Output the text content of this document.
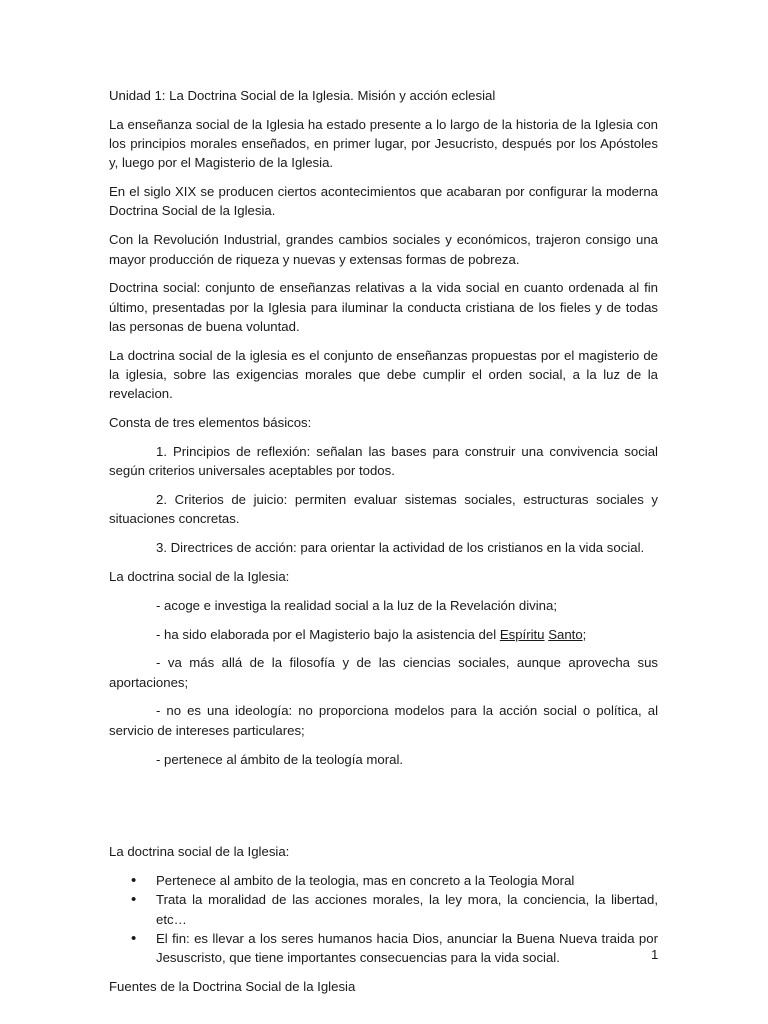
Unidad 1: La Doctrina Social de la Iglesia. Misión y acción eclesial

La enseñanza social de la Iglesia ha estado presente a lo largo de la historia de la Iglesia con los principios morales enseñados, en primer lugar, por Jesucristo, después por los Apóstoles y, luego por el Magisterio de la Iglesia.

En el siglo XIX se producen ciertos acontecimientos que acabaran por configurar la moderna Doctrina Social de la Iglesia.

Con la Revolución Industrial, grandes cambios sociales y económicos, trajeron consigo una mayor producción de riqueza y nuevas y extensas formas de pobreza.

Doctrina social: conjunto de enseñanzas relativas a la vida social en cuanto ordenada al fin último, presentadas por la Iglesia para iluminar la conducta cristiana de los fieles y de todas las personas de buena voluntad.

La doctrina social de la iglesia es el conjunto de enseñanzas propuestas por el magisterio de la iglesia, sobre las exigencias morales que debe cumplir el orden social, a la luz de la revelacion.

Consta de tres elementos básicos:

1. Principios de reflexión: señalan las bases para construir una convivencia social según criterios universales aceptables por todos.

2. Criterios de juicio: permiten evaluar sistemas sociales, estructuras sociales y situaciones concretas.

3. Directrices de acción: para orientar la actividad de los cristianos en la vida social.

La doctrina social de la Iglesia:

- acoge e investiga la realidad social a la luz de la Revelación divina;

- ha sido elaborada por el Magisterio bajo la asistencia del Espíritu Santo;

- va más allá de la filosofía y de las ciencias sociales, aunque aprovecha sus aportaciones;

- no es una ideología: no proporciona modelos para la acción social o política, al servicio de intereses particulares;

- pertenece al ámbito de la teología moral.

La doctrina social de la Iglesia:

• Pertenece al ambito de la teologia, mas en concreto a la Teologia Moral
• Trata la moralidad de las acciones morales, la ley mora, la conciencia, la libertad, etc…
• El fin: es llevar a los seres humanos hacia Dios, anunciar la Buena Nueva traida por Jesuscristo, que tiene importantes consecuencias para la vida social.

Fuentes de la Doctrina Social de la Iglesia

1
